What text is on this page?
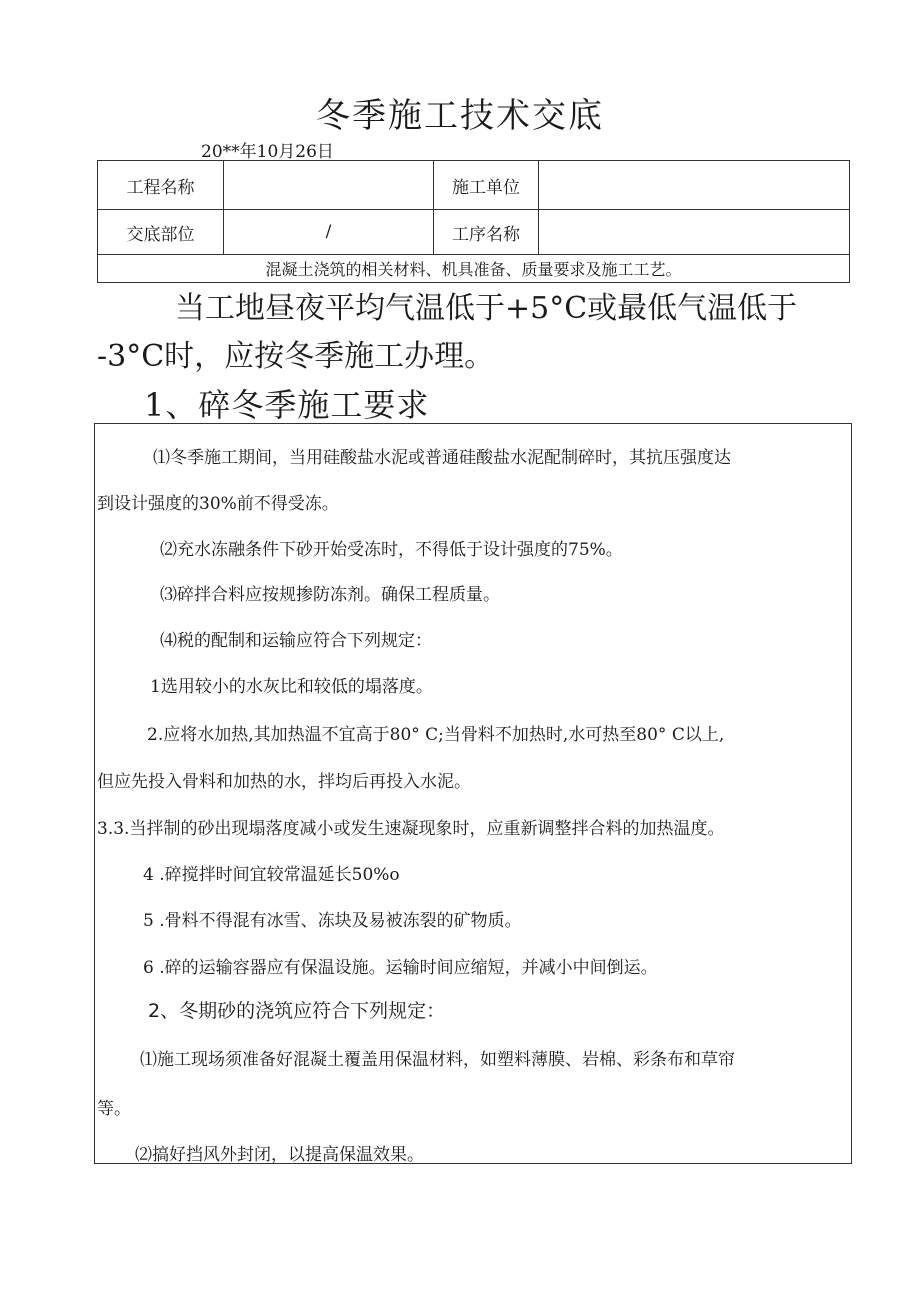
冬季施工技术交底
20**年10月26日
工程名称		施工单位	
交底部位	/	工序名称	
混凝土浇筑的相关材料、机具准备、质量要求及施工工艺。			
当工地昼夜平均气温低于+5°C或最低气温低于
-3°C时，应按冬季施工办理。
1、碎冬季施工要求
⑴冬季施工期间，当用硅酸盐水泥或普通硅酸盐水泥配制碎时，其抗压强度达
到设计强度的30%前不得受冻。
⑵充水冻融条件下砂开始受冻时，不得低于设计强度的75%。
⑶碎拌合料应按规掺防冻剂。确保工程质量。
⑷税的配制和运输应符合下列规定：
1选用较小的水灰比和较低的塌落度。
2.应将水加热,其加热温不宜高于80° C;当骨料不加热时,水可热至80° C以上,
但应先投入骨料和加热的水，拌均后再投入水泥。
3.3.当拌制的砂出现塌落度减小或发生速凝现象时，应重新调整拌合料的加热温度。
4 .碎搅拌时间宜较常温延长50%o
5 .骨料不得混有冰雪、冻块及易被冻裂的矿物质。
6 .碎的运输容器应有保温设施。运输时间应缩短，并减小中间倒运。
2、冬期砂的浇筑应符合下列规定：
⑴施工现场须准备好混凝土覆盖用保温材料，如塑料薄膜、岩棉、彩条布和草帘
等。
⑵搞好挡风外封闭，以提高保温效果。
